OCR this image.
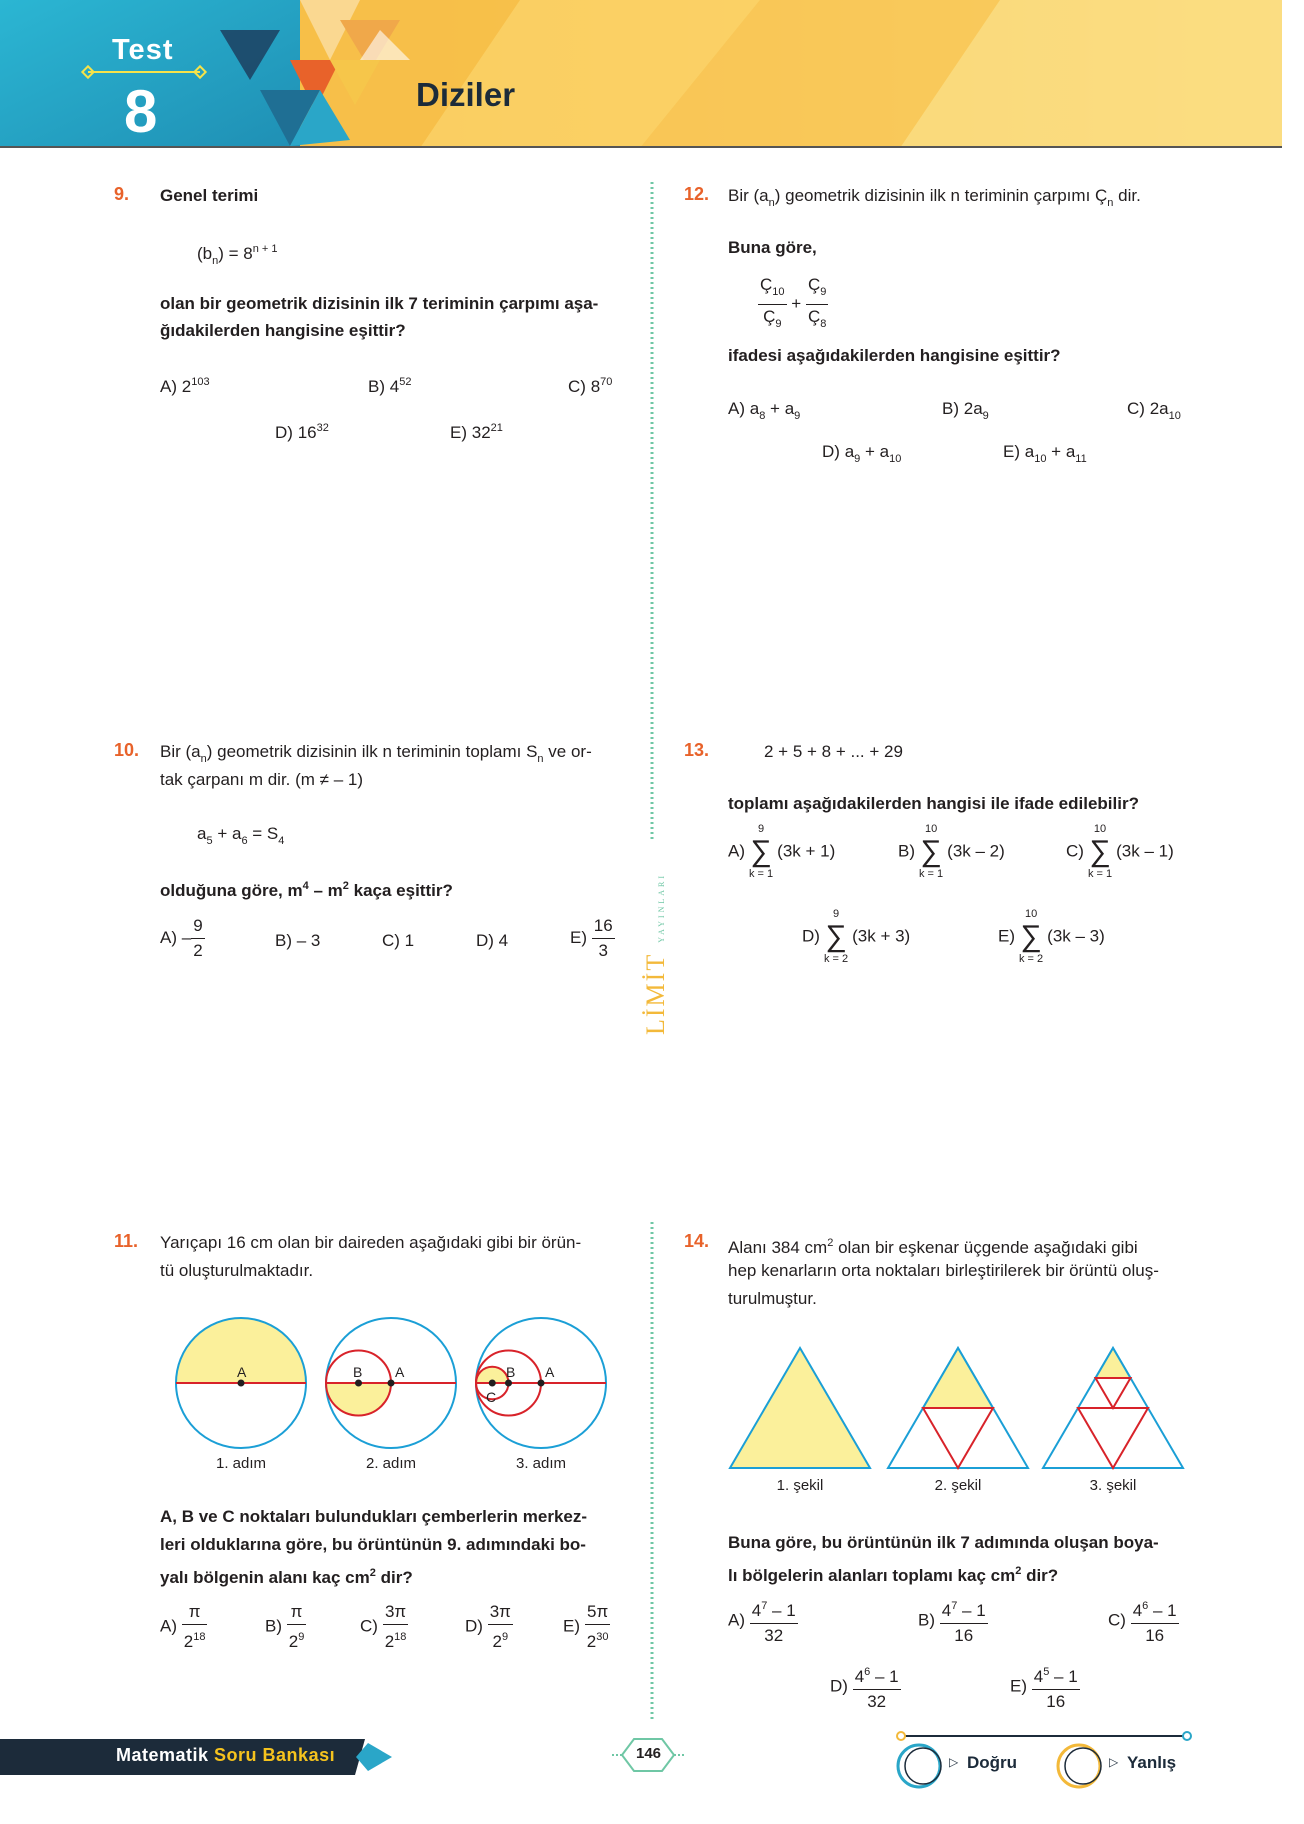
Test
8	Diziler
LİMİT YAYINLARI
9. Genel terimi
$(b_n) = 8^{n + 1}$
olan bir geometrik dizisinin ilk 7 teriminin çarpımı aşa-
ğıdakilerden hangisine eşittir?
A) $2^{103}$	B) $4^{52}$	C) $8^{70}$
D) $16^{32}$	E) $32^{21}$
10. Bir $(a_n)$ geometrik dizisinin ilk n teriminin toplamı $S_n$ ve or-
tak çarpanı m dir. (m ≠ – 1)
$a_5 + a_6 = S_4$
olduğuna göre, $m^4 - m^2$ kaça eşittir?
$A) - \frac{9}{2}$	B) – 3	C) 1	D) 4	$E) \frac{16}{3}$
11. Yarıçapı 16 cm olan bir daireden aşağıdaki gibi bir örün-
tü oluşturulmaktadır.
A	B A
C
B A
1. adım	2. adım	3. adım
A, B ve C noktaları bulundukları çemberlerin merkez-
leri olduklarına göre, bu örüntünün 9. adımındaki bo-
yalı bölgenin alanı kaç $cm^2$ dir?
$A) \frac{\pi}{2^{18}}$	$B) \frac{\pi}{2^9}$	$C) \frac{3\pi}{2^{18}}$	$D) \frac{3\pi}{2^9}$	$E) \frac{5\pi}{2^{30}}$
12. Bir $(a_n)$ geometrik dizisinin ilk n teriminin çarpımı $Ç_n$ dir.
Buna göre,
$\frac{Ç_{10}}{Ç_9} + \frac{Ç_9}{Ç_8}$
ifadesi aşağıdakilerden hangisine eşittir?
A) $a_8 + a_9$	B) $2a_9$	C) $2a_{10}$
D) $a_9 + a_{10}$	E) $a_{10} + a_{11}$
13.	2 + 5 + 8 + ... + 29
toplamı aşağıdakilerden hangisi ile ifade edilebilir?
A)
9
∑
k = 1
(3k + 1)	B)
10
∑
k = 1
(3k – 2)	C)
10
∑
k = 1
(3k – 1)
D)
9
∑
k = 2
(3k + 3)	E)
10
∑
k = 2
(3k – 3)
14. Alanı 384 $cm^2$ olan bir eşkenar üçgende aşağıdaki gibi
hep kenarların orta noktaları birleştirilerek bir örüntü oluş-
turulmuştur.
1. şekil	2. şekil	3. şekil
Buna göre, bu örüntünün ilk 7 adımında oluşan boya-
lı bölgelerin alanları toplamı kaç $cm^2$ dir?
$A) \frac{4^7 - 1}{32}$	$B) \frac{4^7 - 1}{16}$	$C) \frac{4^6 - 1}{16}$
$D) \frac{4^6 - 1}{32}$	$E) \frac{4^5 - 1}{16}$
Matematik Soru Bankası	146	▷ Doğru	▷ Yanlış
